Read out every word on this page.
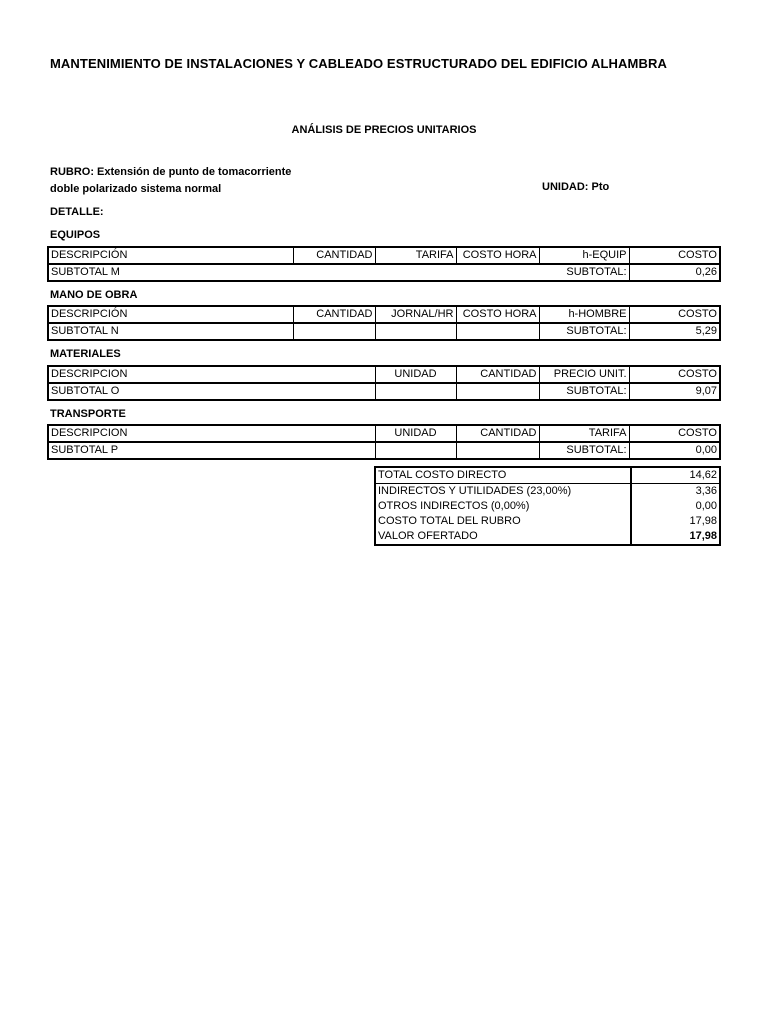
MANTENIMIENTO DE INSTALACIONES Y CABLEADO ESTRUCTURADO DEL EDIFICIO ALHAMBRA
ANÁLISIS DE PRECIOS UNITARIOS
RUBRO: Extensión de punto de tomacorriente
doble polarizado sistema normal	UNIDAD: Pto
DETALLE:
EQUIPOS
DESCRIPCIÓN	CANTIDAD	TARIFA	COSTO HORA	h-EQUIP	COSTO
SUBTOTAL M				SUBTOTAL:	0,26
MANO DE OBRA
DESCRIPCIÓN	CANTIDAD	JORNAL/HR	COSTO HORA	h-HOMBRE	COSTO
SUBTOTAL N				SUBTOTAL:	5,29
MATERIALES
DESCRIPCION	UNIDAD	CANTIDAD	PRECIO UNIT.	COSTO
SUBTOTAL O			SUBTOTAL:	9,07
TRANSPORTE
DESCRIPCION	UNIDAD	CANTIDAD	TARIFA	COSTO
SUBTOTAL P			SUBTOTAL:	0,00
TOTAL COSTO DIRECTO	14,62
INDIRECTOS Y UTILIDADES (23,00%)	3,36
OTROS INDIRECTOS (0,00%)	0,00
COSTO TOTAL DEL RUBRO	17,98
VALOR OFERTADO	17,98
